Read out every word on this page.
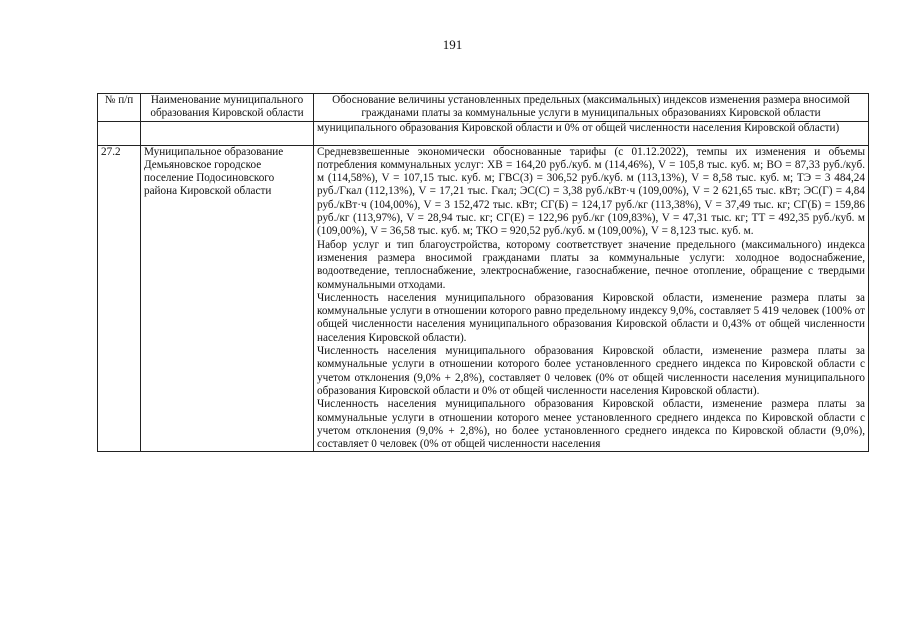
191
№ п/п	Наименование муниципального образования Кировской области	Обоснование величины установленных предельных (максимальных) индексов изменения размера вносимой гражданами платы за коммунальные услуги в муниципальных образованиях Кировской области
		муниципального образования Кировской области и 0% от общей численности населения Кировской области)
27.2	Муниципальное образование Демьяновское городское поселение Подосиновского района Кировской области	Средневзвешенные экономически обоснованные тарифы (с 01.12.2022), темпы их изменения и объемы потребления коммунальных услуг: ХВ = 164,20 руб./куб. м (114,46%), V = 105,8 тыс. куб. м; ВО = 87,33 руб./куб. м (114,58%), V = 107,15 тыс. куб. м; ГВС(З) = 306,52 руб./куб. м (113,13%), V = 8,58 тыс. куб. м; ТЭ = 3 484,24 руб./Гкал (112,13%), V = 17,21 тыс. Гкал; ЭС(С) = 3,38 руб./кВт·ч (109,00%), V = 2 621,65 тыс. кВт; ЭС(Г) = 4,84 руб./кВт·ч (104,00%), V = 3 152,472 тыс. кВт; СГ(Б) = 124,17 руб./кг (113,38%), V = 37,49 тыс. кг; СГ(Б) = 159,86 руб./кг (113,97%), V = 28,94 тыс. кг; СГ(Е) = 122,96 руб./кг (109,83%), V = 47,31 тыс. кг; ТТ = 492,35 руб./куб. м (109,00%), V = 36,58 тыс. куб. м; ТКО = 920,52 руб./куб. м (109,00%), V = 8,123 тыс. куб. м.

Набор услуг и тип благоустройства, которому соответствует значение предельного (максимального) индекса изменения размера вносимой гражданами платы за коммунальные услуги: холодное водоснабжение, водоотведение, теплоснабжение, электроснабжение, газоснабжение, печное отопление, обращение с твердыми коммунальными отходами.

Численность населения муниципального образования Кировской области, изменение размера платы за коммунальные услуги в отношении которого равно предельному индексу 9,0%, составляет 5 419 человек (100% от общей численности населения муниципального образования Кировской области и 0,43% от общей численности населения Кировской области).

Численность населения муниципального образования Кировской области, изменение размера платы за коммунальные услуги в отношении которого более установленного среднего индекса по Кировской области с учетом отклонения (9,0% + 2,8%), составляет 0 человек (0% от общей численности населения муниципального образования Кировской области и 0% от общей численности населения Кировской области).

Численность населения муниципального образования Кировской области, изменение размера платы за коммунальные услуги в отношении которого менее установленного среднего индекса по Кировской области с учетом отклонения (9,0% + 2,8%), но более установленного среднего индекса по Кировской области (9,0%), составляет 0 человек (0% от общей численности населения
